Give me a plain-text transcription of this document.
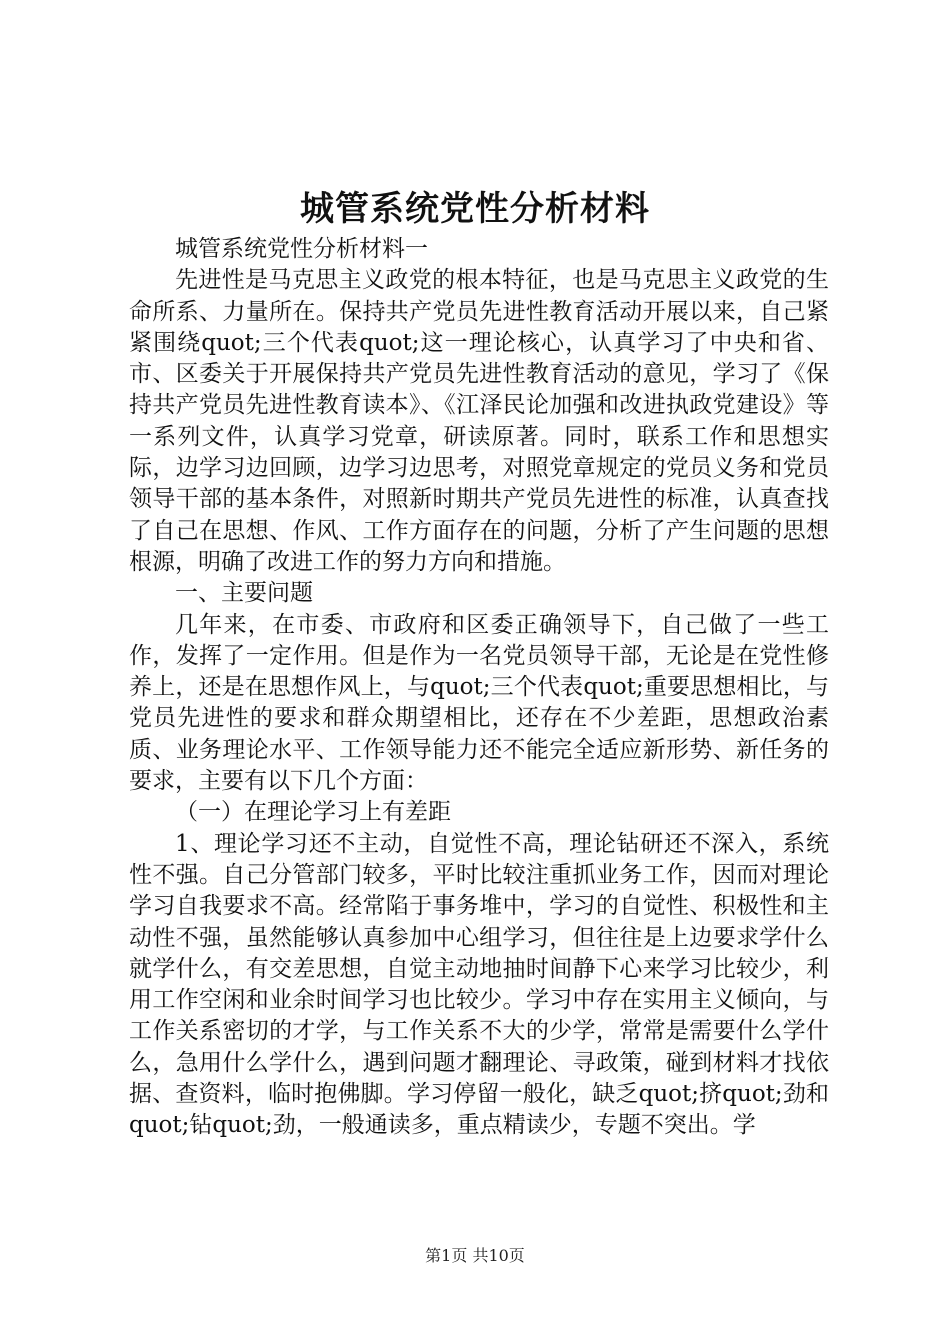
城管系统党性分析材料

城管系统党性分析材料一

先进性是马克思主义政党的根本特征，也是马克思主义政党的生命所系、力量所在。保持共产党员先进性教育活动开展以来，自己紧紧围绕quot;三个代表quot;这一理论核心，认真学习了中央和省、市、区委关于开展保持共产党员先进性教育活动的意见，学习了《保持共产党员先进性教育读本》、《江泽民论加强和改进执政党建设》等一系列文件，认真学习党章，研读原著。同时，联系工作和思想实际，边学习边回顾，边学习边思考，对照党章规定的党员义务和党员领导干部的基本条件，对照新时期共产党员先进性的标准，认真查找了自己在思想、作风、工作方面存在的问题，分析了产生问题的思想根源，明确了改进工作的努力方向和措施。

一、主要问题

几年来，在市委、市政府和区委正确领导下，自己做了一些工作，发挥了一定作用。但是作为一名党员领导干部，无论是在党性修养上，还是在思想作风上，与quot;三个代表quot;重要思想相比，与党员先进性的要求和群众期望相比，还存在不少差距，思想政治素质、业务理论水平、工作领导能力还不能完全适应新形势、新任务的要求，主要有以下几个方面：

（一）在理论学习上有差距

1、理论学习还不主动，自觉性不高，理论钻研还不深入，系统性不强。自己分管部门较多，平时比较注重抓业务工作，因而对理论学习自我要求不高。经常陷于事务堆中，学习的自觉性、积极性和主动性不强，虽然能够认真参加中心组学习，但往往是上边要求学什么就学什么，有交差思想，自觉主动地抽时间静下心来学习比较少，利用工作空闲和业余时间学习也比较少。学习中存在实用主义倾向，与工作关系密切的才学，与工作关系不大的少学，常常是需要什么学什么，急用什么学什么，遇到问题才翻理论、寻政策，碰到材料才找依据、查资料，临时抱佛脚。学习停留一般化，缺乏quot;挤quot;劲和quot;钻quot;劲，一般通读多，重点精读少，专题不突出。学

第1页 共10页
